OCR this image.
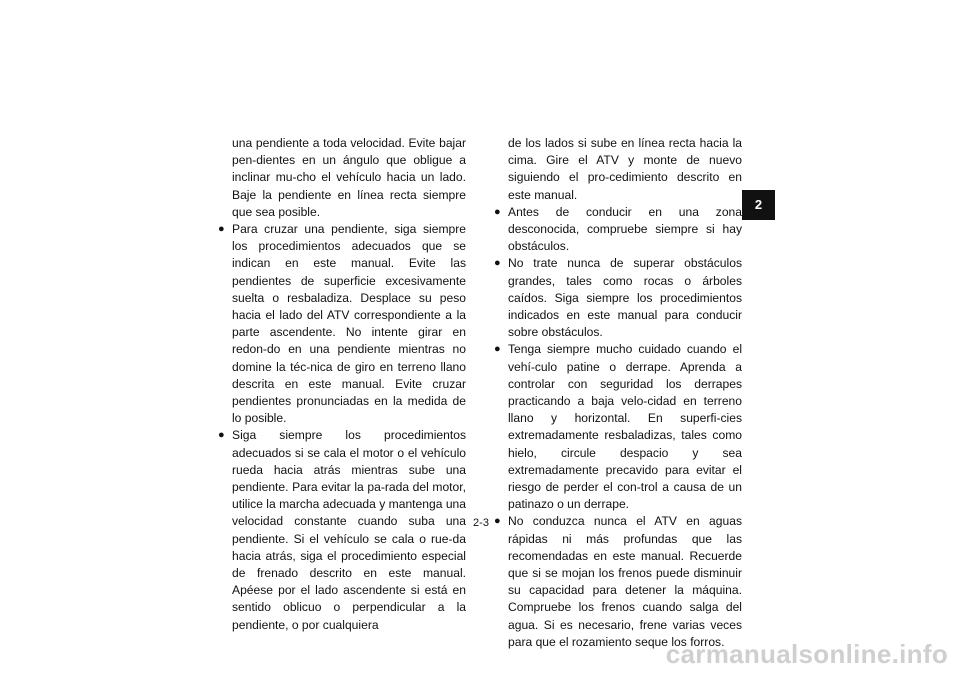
una pendiente a toda velocidad. Evite bajar pen-dientes en un ángulo que obligue a inclinar mu-cho el vehículo hacia un lado. Baje la pendiente en línea recta siempre que sea posible.
● Para cruzar una pendiente, siga siempre los procedimientos adecuados que se indican en este manual. Evite las pendientes de superficie excesivamente suelta o resbaladiza. Desplace su peso hacia el lado del ATV correspondiente a la parte ascendente. No intente girar en redon-do en una pendiente mientras no domine la téc-nica de giro en terreno llano descrita en este manual. Evite cruzar pendientes pronunciadas en la medida de lo posible.
● Siga siempre los procedimientos adecuados si se cala el motor o el vehículo rueda hacia atrás mientras sube una pendiente. Para evitar la pa-rada del motor, utilice la marcha adecuada y mantenga una velocidad constante cuando suba una pendiente. Si el vehículo se cala o rue-da hacia atrás, siga el procedimiento especial de frenado descrito en este manual. Apéese por el lado ascendente si está en sentido oblicuo o perpendicular a la pendiente, o por cualquiera
de los lados si sube en línea recta hacia la cima. Gire el ATV y monte de nuevo siguiendo el pro-cedimiento descrito en este manual.
● Antes de conducir en una zona desconocida, compruebe siempre si hay obstáculos.
● No trate nunca de superar obstáculos grandes, tales como rocas o árboles caídos. Siga siempre los procedimientos indicados en este manual para conducir sobre obstáculos.
● Tenga siempre mucho cuidado cuando el vehí-culo patine o derrape. Aprenda a controlar con seguridad los derrapes practicando a baja velo-cidad en terreno llano y horizontal. En superfi-cies extremadamente resbaladizas, tales como hielo, circule despacio y sea extremadamente precavido para evitar el riesgo de perder el con-trol a causa de un patinazo o un derrape.
● No conduzca nunca el ATV en aguas rápidas ni más profundas que las recomendadas en este manual. Recuerde que si se mojan los frenos puede disminuir su capacidad para detener la máquina. Compruebe los frenos cuando salga del agua. Si es necesario, frene varias veces para que el rozamiento seque los forros.
2
2-3
carmanualsonline.info
